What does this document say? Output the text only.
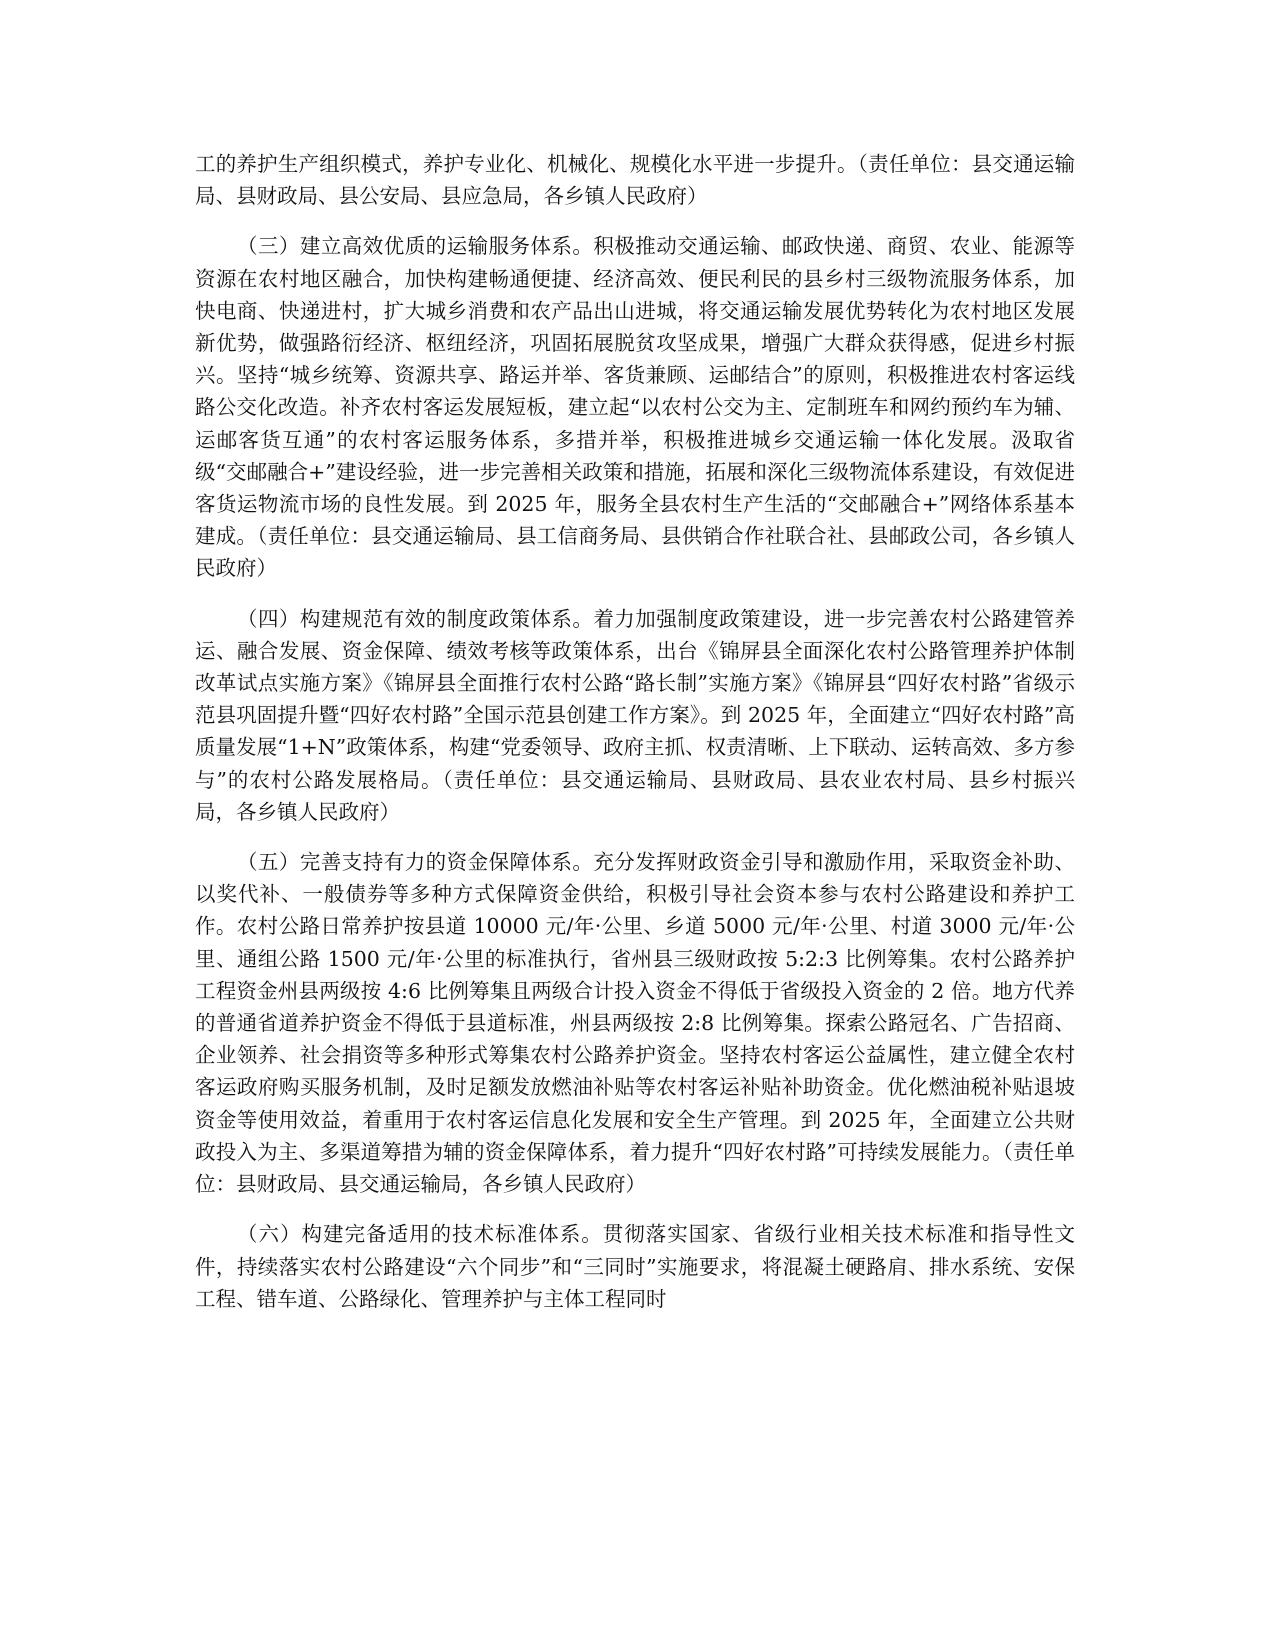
工的养护生产组织模式，养护专业化、机械化、规模化水平进一步提升。（责任单位：县交通运输局、县财政局、县公安局、县应急局，各乡镇人民政府）

（三）建立高效优质的运输服务体系。积极推动交通运输、邮政快递、商贸、农业、能源等资源在农村地区融合，加快构建畅通便捷、经济高效、便民利民的县乡村三级物流服务体系，加快电商、快递进村，扩大城乡消费和农产品出山进城，将交通运输发展优势转化为农村地区发展新优势，做强路衍经济、枢纽经济，巩固拓展脱贫攻坚成果，增强广大群众获得感，促进乡村振兴。坚持“城乡统筹、资源共享、路运并举、客货兼顾、运邮结合”的原则，积极推进农村客运线路公交化改造。补齐农村客运发展短板，建立起“以农村公交为主、定制班车和网约预约车为辅、运邮客货互通”的农村客运服务体系，多措并举，积极推进城乡交通运输一体化发展。汲取省级“交邮融合+”建设经验，进一步完善相关政策和措施，拓展和深化三级物流体系建设，有效促进客货运物流市场的良性发展。到 2025 年，服务全县农村生产生活的“交邮融合+”网络体系基本建成。（责任单位：县交通运输局、县工信商务局、县供销合作社联合社、县邮政公司，各乡镇人民政府）

（四）构建规范有效的制度政策体系。着力加强制度政策建设，进一步完善农村公路建管养运、融合发展、资金保障、绩效考核等政策体系，出台《锦屏县全面深化农村公路管理养护体制改革试点实施方案》《锦屏县全面推行农村公路“路长制”实施方案》《锦屏县“四好农村路”省级示范县巩固提升暨“四好农村路”全国示范县创建工作方案》。到 2025 年，全面建立“四好农村路”高质量发展“1+N”政策体系，构建“党委领导、政府主抓、权责清晰、上下联动、运转高效、多方参与”的农村公路发展格局。（责任单位：县交通运输局、县财政局、县农业农村局、县乡村振兴局，各乡镇人民政府）

（五）完善支持有力的资金保障体系。充分发挥财政资金引导和激励作用，采取资金补助、以奖代补、一般债券等多种方式保障资金供给，积极引导社会资本参与农村公路建设和养护工作。农村公路日常养护按县道 10000 元/年·公里、乡道 5000 元/年·公里、村道 3000 元/年·公里、通组公路 1500 元/年·公里的标准执行，省州县三级财政按 5:2:3 比例筹集。农村公路养护工程资金州县两级按 4:6 比例筹集且两级合计投入资金不得低于省级投入资金的 2 倍。地方代养的普通省道养护资金不得低于县道标准，州县两级按 2:8 比例筹集。探索公路冠名、广告招商、企业领养、社会捐资等多种形式筹集农村公路养护资金。坚持农村客运公益属性，建立健全农村客运政府购买服务机制，及时足额发放燃油补贴等农村客运补贴补助资金。优化燃油税补贴退坡资金等使用效益，着重用于农村客运信息化发展和安全生产管理。到 2025 年，全面建立公共财政投入为主、多渠道筹措为辅的资金保障体系，着力提升“四好农村路”可持续发展能力。（责任单位：县财政局、县交通运输局，各乡镇人民政府）

（六）构建完备适用的技术标准体系。贯彻落实国家、省级行业相关技术标准和指导性文件，持续落实农村公路建设“六个同步”和“三同时”实施要求，将混凝土硬路肩、排水系统、安保工程、错车道、公路绿化、管理养护与主体工程同时
